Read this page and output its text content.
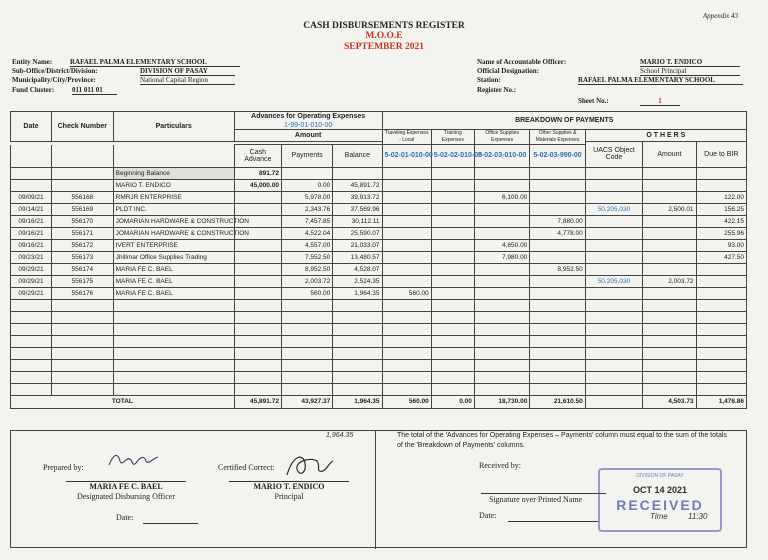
Appendix 43
CASH DISBURSEMENTS REGISTER
M.O.O.E
SEPTEMBER 2021
Entity Name:	RAFAEL PALMA ELEMENTARY SCHOOL
Sub-Office/District/Division:	DIVISION OF PASAY
Municipality/City/Province:	National Capital Region
Fund Cluster:	011 011 01
Name of Accountable Officer:	MARIO T. ENDICO
Official Designation:	School Principal
Station:	RAFAEL PALMA ELEMENTARY SCHOOL
Register No.:
Sheet No.:	1
Date	Check Number	Particulars	Advances for Operating Expenses			BREAKDOWN OF PAYMENTS						
			1-99-01-010-00									
			Amount			Traveling Expenses - Local	Training Expenses	Office Supplies Expenses	Other Supplies & Materials Expenses	O T H E R S		
										UACS Object Code	Amount	Due to BIR
			Cash Advance	Payments	Balance	5-02-01-010-00	5-02-02-010-00	5-02-03-010-00	5-02-03-990-00			
		Beginning Balance	891.72									
		MARIO T. ENDICO	45,000.00	0.00	45,891.72							
09/09/21	556168	RMRJR ENTERPRISE		5,978.00	39,913.72			6,100.00				122.00
09/14/21	556169	PLDT INC.		2,343.76	37,569.96					50,205,030	2,500.01	156.25
09/16/21	556170	JOMARIAN HARDWARE & CONSTRUCTION		7,457.85	30,112.11				7,880.00			422.15
09/16/21	556171	JOMARIAN HARDWARE & CONSTRUCTION		4,522.04	25,590.07				4,778.00			255.96
09/16/21	556172	IVERT ENTERPRISE		4,557.00	21,033.07			4,650.00				93.00
09/23/21	556173	Jhillmar Office Supplies Trading		7,552.50	13,480.57			7,980.00				427.50
09/29/21	556174	MARIA FE C. BAEL		8,952.50	4,528.07				8,952.50			
09/29/21	556175	MARIA FE C. BAEL		2,003.72	2,524.35					50,205,030	2,003.72	
09/29/21	556176	MARIA FE C. BAEL		560.00	1,964.35	560.00						

TOTAL			45,891.72	43,927.37	1,964.35	560.00	0.00	18,730.00	21,610.50		4,503.73	1,476.86
The total of the 'Advances for Operating Expenses – Payments' column must equal to the sum of the totals of the 'Breakdown of Payments' columns.
Prepared by:
MARIA FE C. BAEL
Designated Disbursing Officer
Date:
Certified Correct:
MARIO T. ENDICO
Principal
Received by:
Signature over Printed Name
Date:
1,964.35
DIVISION OF PASAY
OCT 14 2021
RECEIVED
Time	11:30
